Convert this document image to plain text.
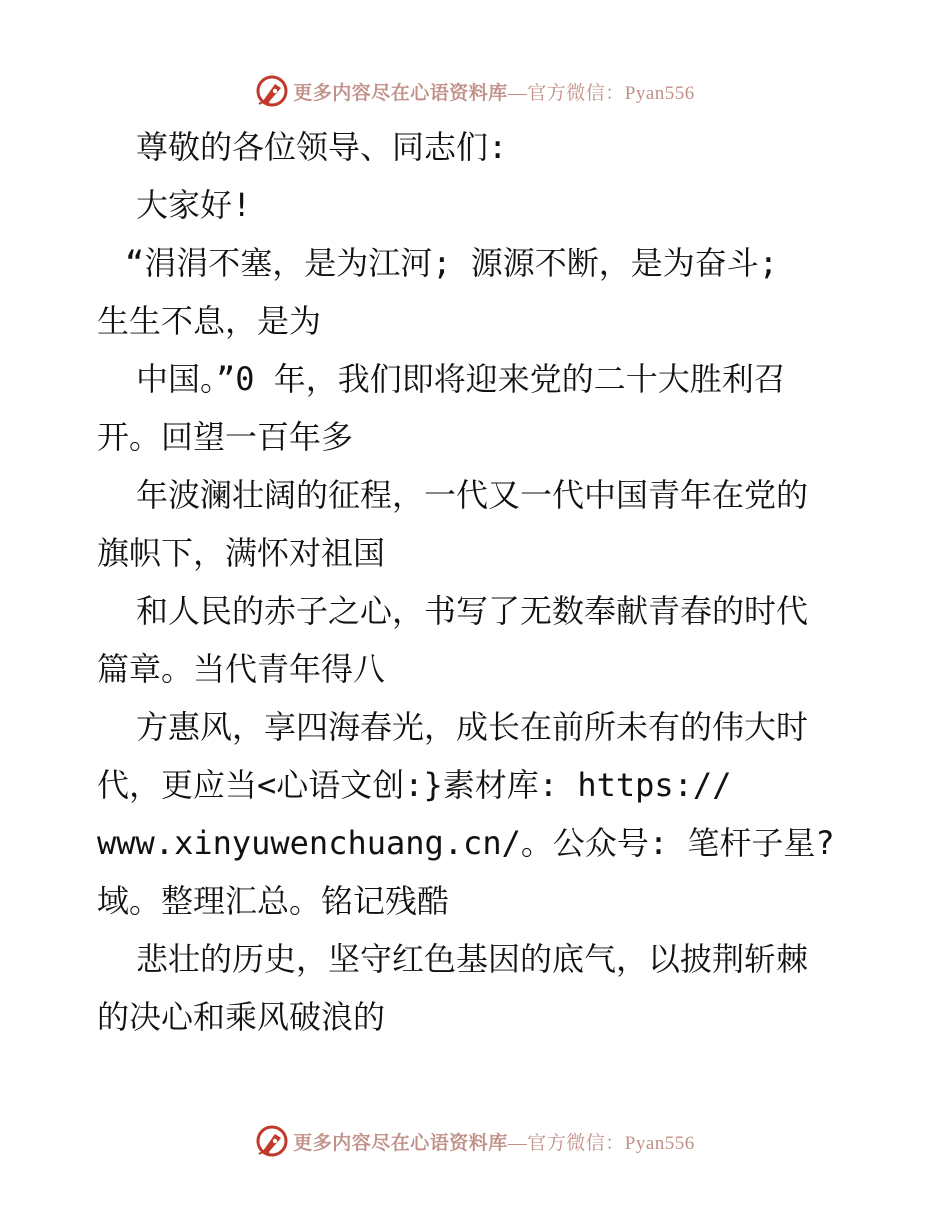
更多内容尽在心语资料库—官方微信：Pyan556
尊敬的各位领导、同志们:
大家好!
“涓涓不塞，是为江河; 源源不断，是为奋斗;
生生不息，是为
中国。”0 年，我们即将迎来党的二十大胜利召
开。回望一百年多
年波澜壮阔的征程，一代又一代中国青年在党的
旗帜下，满怀对祖国
和人民的赤子之心，书写了无数奉献青春的时代
篇章。当代青年得八
方惠风，享四海春光，成长在前所未有的伟大时
代，更应当<心语文创:}素材库: https://
www.xinyuwenchuang.cn/。公众号: 笔杆子星?
域。整理汇总。铭记残酷
悲壮的历史，坚守红色基因的底气，以披荆斩棘
的决心和乘风破浪的
更多内容尽在心语资料库—官方微信：Pyan556
